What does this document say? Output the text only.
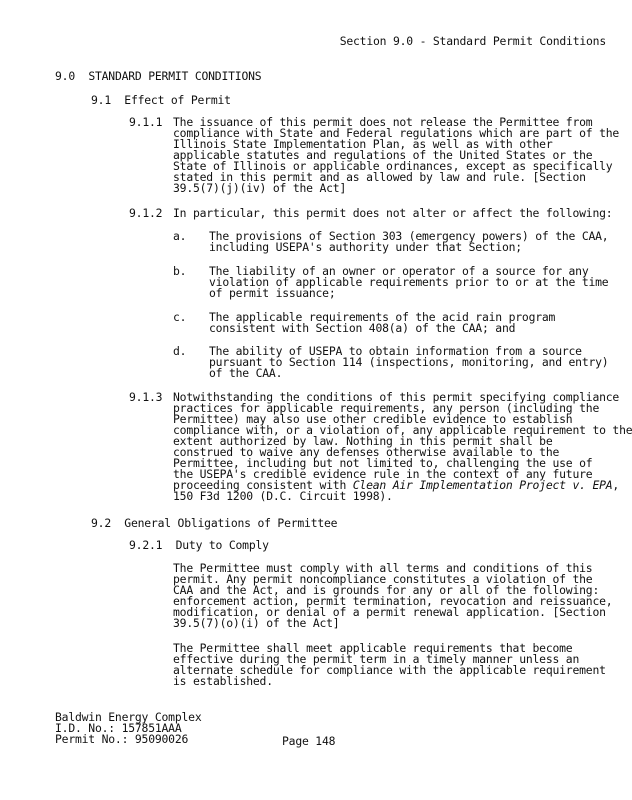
Section 9.0 - Standard Permit Conditions
9.0 STANDARD PERMIT CONDITIONS
9.1  Effect of Permit
9.1.1 The issuance of this permit does not release the Permittee from
compliance with State and Federal regulations which are part of the
Illinois State Implementation Plan, as well as with other
applicable statutes and regulations of the United States or the
State of Illinois or applicable ordinances, except as specifically
stated in this permit and as allowed by law and rule. [Section
39.5(7)(j)(iv) of the Act]
9.1.2 In particular, this permit does not alter or affect the following:
a. The provisions of Section 303 (emergency powers) of the CAA,
including USEPA's authority under that Section;
b. The liability of an owner or operator of a source for any
violation of applicable requirements prior to or at the time
of permit issuance;
c. The applicable requirements of the acid rain program
consistent with Section 408(a) of the CAA; and
d. The ability of USEPA to obtain information from a source
pursuant to Section 114 (inspections, monitoring, and entry)
of the CAA.
9.1.3 Notwithstanding the conditions of this permit specifying compliance
practices for applicable requirements, any person (including the
Permittee) may also use other credible evidence to establish
compliance with, or a violation of, any applicable requirement to the
extent authorized by law. Nothing in this permit shall be
construed to waive any defenses otherwise available to the
Permittee, including but not limited to, challenging the use of
the USEPA's credible evidence rule in the context of any future
proceeding consistent with Clean Air Implementation Project v. EPA,
150 F3d 1200 (D.C. Circuit 1998).
9.2  General Obligations of Permittee
9.2.1  Duty to Comply
The Permittee must comply with all terms and conditions of this
permit. Any permit noncompliance constitutes a violation of the
CAA and the Act, and is grounds for any or all of the following:
enforcement action, permit termination, revocation and reissuance,
modification, or denial of a permit renewal application. [Section
39.5(7)(o)(i) of the Act]
The Permittee shall meet applicable requirements that become
effective during the permit term in a timely manner unless an
alternate schedule for compliance with the applicable requirement
is established.
Baldwin Energy Complex
I.D. No.: 157851AAA
Permit No.: 95090026	Page 148
